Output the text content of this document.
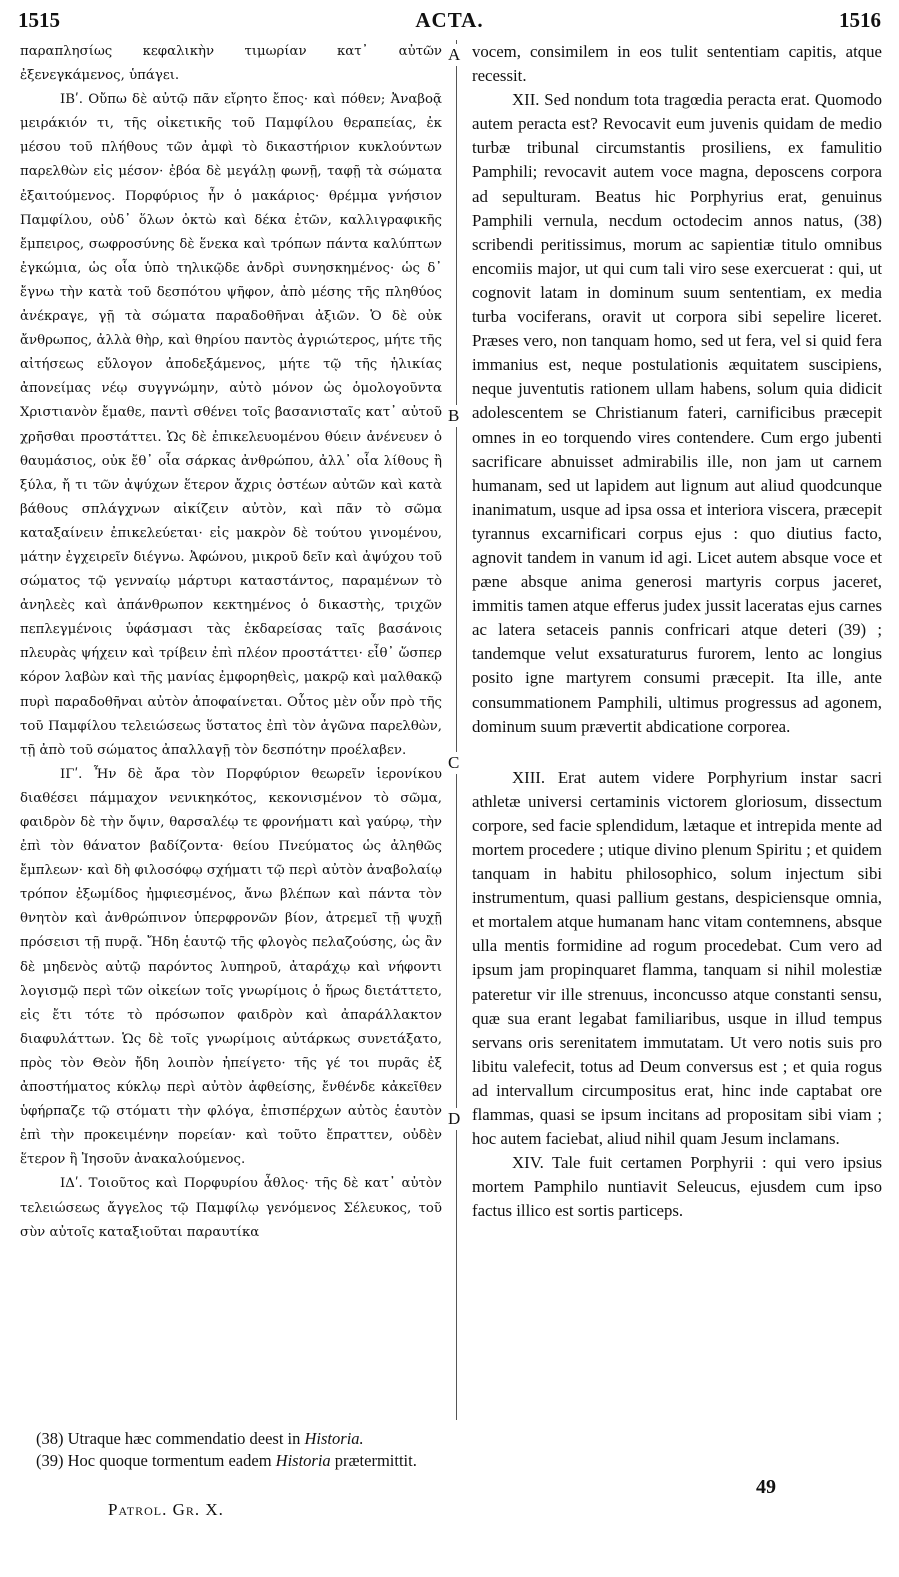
1515	ACTA.	1516

παραπλησίως κεφαλικὴν τιμωρίαν κατ᾽ αὐτῶν ἐξενεγκάμενος, ὑπάγει.

ΙΒʹ. Οὔπω δὲ αὐτῷ πᾶν εἴρητο ἔπος· καὶ πόθεν; Ἀναβοᾷ μειράκιόν τι, τῆς οἰκετικῆς τοῦ Παμφίλου θεραπείας, ἐκ μέσου τοῦ πλήθους τῶν ἀμφὶ τὸ δικαστήριον κυκλούντων παρελθὼν εἰς μέσον· ἐβόα δὲ μεγάλῃ φωνῇ, ταφῇ τὰ σώματα ἐξαιτούμενος. Πορφύριος ἦν ὁ μακάριος· θρέμμα γνήσιον Παμφίλου, οὐδ᾽ ὅλων ὀκτὼ καὶ δέκα ἐτῶν, καλλιγραφικῆς ἔμπειρος, σωφροσύνης δὲ ἕνεκα καὶ τρόπων πάντα καλύπτων ἐγκώμια, ὡς οἷα ὑπὸ τηλικῷδε ἀνδρὶ συνησκημένος· ὡς δ᾽ ἔγνω τὴν κατὰ τοῦ δεσπότου ψῆφον, ἀπὸ μέσης τῆς πληθύος ἀνέκραγε, γῇ τὰ σώματα παραδοθῆναι ἀξιῶν. Ὁ δὲ οὐκ ἄνθρωπος, ἀλλὰ θὴρ, καὶ θηρίου παντὸς ἀγριώτερος, μήτε τῆς αἰτήσεως εὔλογον ἀποδεξάμενος, μήτε τῷ τῆς ἡλικίας ἀπονείμας νέῳ συγγνώμην, αὐτὸ μόνον ὡς ὁμολογοῦντα Χριστιανὸν ἔμαθε, παντὶ σθένει τοῖς βασανισταῖς κατ᾽ αὐτοῦ χρῆσθαι προστάττει. Ὡς δὲ ἐπικελευομένου θύειν ἀνένευεν ὁ θαυμάσιος, οὐκ ἔθ᾽ οἷα σάρκας ἀνθρώπου, ἀλλ᾽ οἷα λίθους ἢ ξύλα, ἤ τι τῶν ἀψύχων ἕτερον ἄχρις ὀστέων αὐτῶν καὶ κατὰ βάθους σπλάγχνων αἰκίζειν αὐτὸν, καὶ πᾶν τὸ σῶμα καταξαίνειν ἐπικελεύεται· εἰς μακρὸν δὲ τούτου γινομένου, μάτην ἐγχειρεῖν διέγνω. Ἀφώνου, μικροῦ δεῖν καὶ ἀψύχου τοῦ σώματος τῷ γενναίῳ μάρτυρι καταστάντος, παραμένων τὸ ἀνηλεὲς καὶ ἀπάνθρωπον κεκτημένος ὁ δικαστὴς, τριχῶν πεπλεγμένοις ὑφάσμασι τὰς ἐκδαρείσας ταῖς βασάνοις πλευρὰς ψήχειν καὶ τρίβειν ἐπὶ πλέον προστάττει· εἶθ᾽ ὥσπερ κόρον λαβὼν καὶ τῆς μανίας ἐμφορηθεὶς, μακρῷ καὶ μαλθακῷ πυρὶ παραδοθῆναι αὐτὸν ἀποφαίνεται. Οὗτος μὲν οὖν πρὸ τῆς τοῦ Παμφίλου τελειώσεως ὕστατος ἐπὶ τὸν ἀγῶνα παρελθὼν, τῇ ἀπὸ τοῦ σώματος ἀπαλλαγῇ τὸν δεσπότην προέλαβεν.

ΙΓʹ. Ἦν δὲ ἄρα τὸν Πορφύριον θεωρεῖν ἱερονίκου διαθέσει πάμμαχον νενικηκότος, κεκονισμένον τὸ σῶμα, φαιδρὸν δὲ τὴν ὄψιν, θαρσαλέῳ τε φρονήματι καὶ γαύρῳ, τὴν ἐπὶ τὸν θάνατον βαδίζοντα· θείου Πνεύματος ὡς ἀληθῶς ἔμπλεων· καὶ δὴ φιλοσόφῳ σχήματι τῷ περὶ αὐτὸν ἀναβολαίῳ τρόπον ἐξωμίδος ἠμφιεσμένος, ἄνω βλέπων καὶ πάντα τὸν θνητὸν καὶ ἀνθρώπινον ὑπερφρονῶν βίον, ἀτρεμεῖ τῇ ψυχῇ πρόσεισι τῇ πυρᾷ. Ἤδη ἑαυτῷ τῆς φλογὸς πελαζούσης, ὡς ἂν δὲ μηδενὸς αὐτῷ παρόντος λυπηροῦ, ἀταράχῳ καὶ νήφοντι λογισμῷ περὶ τῶν οἰκείων τοῖς γνωρίμοις ὁ ἥρως διετάττετο, εἰς ἔτι τότε τὸ πρόσωπον φαιδρὸν καὶ ἀπαράλλακτον διαφυλάττων. Ὡς δὲ τοῖς γνωρίμοις αὐτάρκως συνετάξατο, πρὸς τὸν Θεὸν ἤδη λοιπὸν ἠπείγετο· τῆς γέ τοι πυρᾶς ἐξ ἀποστήματος κύκλῳ περὶ αὐτὸν ἀφθείσης, ἔνθένδε κἀκεῖθεν ὑφήρπαζε τῷ στόματι τὴν φλόγα, ἐπισπέρχων αὐτὸς ἑαυτὸν ἐπὶ τὴν προκειμένην πορείαν· καὶ τοῦτο ἔπραττεν, οὐδὲν ἕτερον ἢ Ἰησοῦν ἀνακαλούμενος.

ΙΔʹ. Τοιοῦτος καὶ Πορφυρίου ἆθλος· τῆς δὲ κατ᾽ αὐτὸν τελειώσεως ἄγγελος τῷ Παμφίλῳ γενόμενος Σέλευκος, τοῦ σὺν αὐτοῖς καταξιοῦται παραυτίκα

A
B
C
D

vocem, consimilem in eos tulit sententiam capitis, atque recessit.

XII. Sed nondum tota tragœdia peracta erat. Quomodo autem peracta est? Revocavit eum juvenis quidam de medio turbæ tribunal circumstantis prosiliens, ex famulitio Pamphili; revocavit autem voce magna, deposcens corpora ad sepulturam. Beatus hic Porphyrius erat, genuinus Pamphili vernula, necdum octodecim annos natus, (38) scribendi peritissimus, morum ac sapientiæ titulo omnibus encomiis major, ut qui cum tali viro sese exercuerat : qui, ut cognovit latam in dominum suum sententiam, ex media turba vociferans, oravit ut corpora sibi sepelire liceret. Præses vero, non tanquam homo, sed ut fera, vel si quid fera immanius est, neque postulationis æquitatem suscipiens, neque juventutis rationem ullam habens, solum quia didicit adolescentem se Christianum fateri, carnificibus præcepit omnes in eo torquendo vires contendere. Cum ergo jubenti sacrificare abnuisset admirabilis ille, non jam ut carnem humanam, sed ut lapidem aut lignum aut aliud quodcunque inanimatum, usque ad ipsa ossa et interiora viscera, præcepit tyrannus excarnificari corpus ejus : quo diutius facto, agnovit tandem in vanum id agi. Licet autem absque voce et pæne absque anima generosi martyris corpus jaceret, immitis tamen atque efferus judex jussit laceratas ejus carnes ac latera setaceis pannis confricari atque deteri (39) ; tandemque velut exsaturaturus furorem, lento ac longius posito igne martyrem consumi præcepit. Ita ille, ante consummationem Pamphili, ultimus progressus ad agonem, dominum suum prævertit abdicatione corporea.

XIII. Erat autem videre Porphyrium instar sacri athletæ universi certaminis victorem gloriosum, dissectum corpore, sed facie splendidum, lætaque et intrepida mente ad mortem procedere ; utique divino plenum Spiritu ; et quidem tanquam in habitu philosophico, solum injectum sibi instrumentum, quasi pallium gestans, despiciensque omnia, et mortalem atque humanam hanc vitam contemnens, absque ulla mentis formidine ad rogum procedebat. Cum vero ad ipsum jam propinquaret flamma, tanquam si nihil molestiæ pateretur vir ille strenuus, inconcusso atque constanti sensu, quæ sua erant legabat familiaribus, usque in illud tempus servans oris serenitatem immutatam. Ut vero notis suis pro libitu valefecit, totus ad Deum conversus est ; et quia rogus ad intervallum circumpositus erat, hinc inde captabat ore flammas, quasi se ipsum incitans ad propositam sibi viam ; hoc autem faciebat, aliud nihil quam Jesum inclamans.

XIV. Tale fuit certamen Porphyrii : qui vero ipsius mortem Pamphilo nuntiavit Seleucus, ejusdem cum ipso factus illico est sortis particeps.

(38) Utraque hæc commendatio deest in Historia.

(39) Hoc quoque tormentum eadem Historia prætermittit.

Patrol. Gr. X.
49
